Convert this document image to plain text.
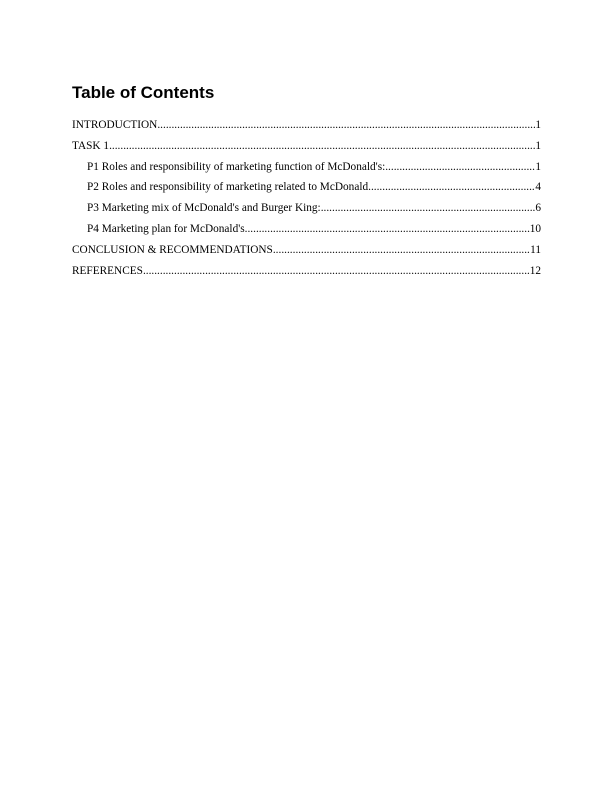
Table of Contents
INTRODUCTION .....	1
TASK 1 .....	1
P1 Roles and responsibility of marketing function of McDonald's: .....	1
P2 Roles and responsibility of marketing related to McDonald .....	4
P3 Marketing mix of McDonald's and Burger King: .....	6
P4 Marketing plan for McDonald's .....	10
CONCLUSION & RECOMMENDATIONS .....	11
REFERENCES .....	12
